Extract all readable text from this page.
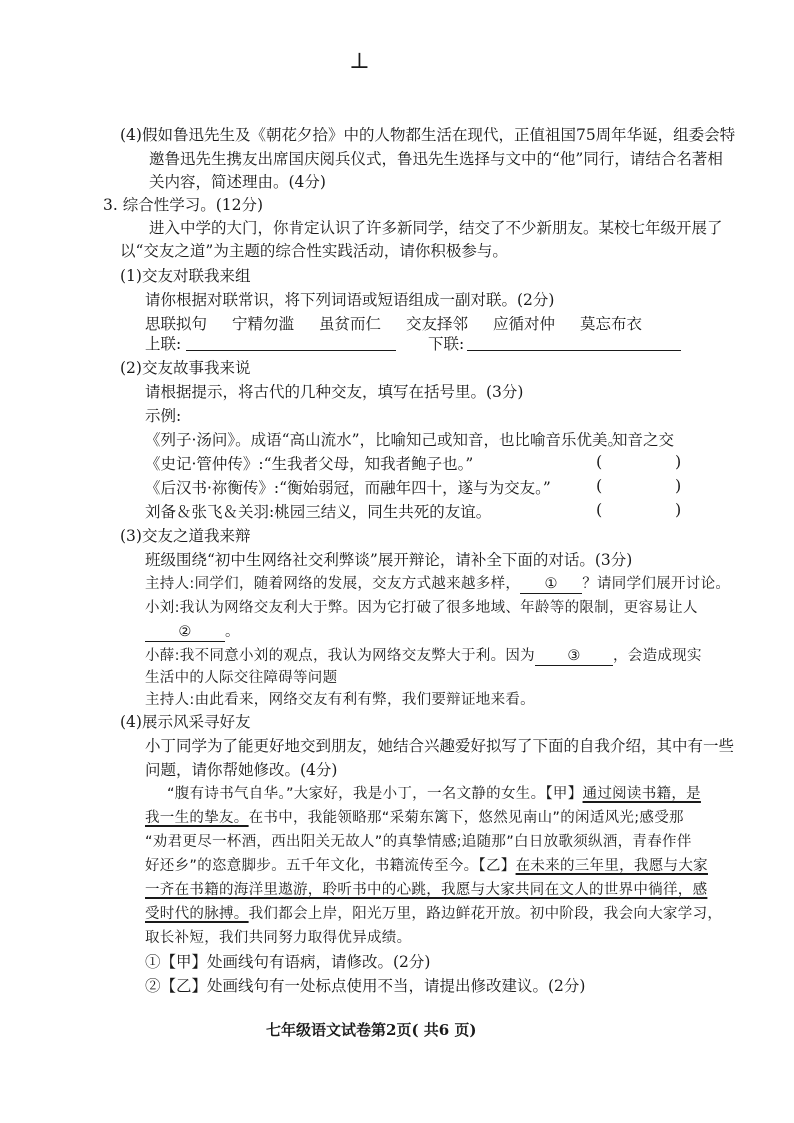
⊥
(4)假如鲁迅先生及《朝花夕拾》中的人物都生活在现代，正值祖国75周年华诞，组委会特
邀鲁迅先生携友出席国庆阅兵仪式，鲁迅先生选择与文中的“他”同行，请结合名著相
关内容，简述理由。(4分)
3. 综合性学习。(12分)
进入中学的大门，你肯定认识了许多新同学，结交了不少新朋友。某校七年级开展了
以“交友之道”为主题的综合性实践活动，请你积极参与。
(1)交友对联我来组
请你根据对联常识，将下列词语或短语组成一副对联。(2分)
思联拟句 宁精勿滥 虽贫而仁 交友择邻 应循对仲 莫忘布衣
上联:	下联:
(2)交友故事我来说
请根据提示，将古代的几种交友，填写在括号里。(3分)
示例:
《列子·汤问》。成语“高山流水”，比喻知己或知音，也比喻音乐优美。
知音之交
《史记·管仲传》:“生我者父母，知我者鲍子也。”	(	)
《后汉书·祢衡传》:“衡始弱冠，而融年四十，遂与为交友。”	(	)
刘备＆张飞＆关羽:桃园三结义，同生共死的友谊。	(	)
(3)交友之道我来辩
班级围绕“初中生网络社交利弊谈”展开辩论，请补全下面的对话。(3分)
主持人:同学们，随着网络的发展，交友方式越来越多样， ① ？请同学们展开讨论。
小刘:我认为网络交友利大于弊。因为它打破了很多地域、年龄等的限制，更容易让人
② 。
小薛:我不同意小刘的观点，我认为网络交友弊大于利。因为 ③ ，会造成现实
生活中的人际交往障碍等问题
主持人:由此看来，网络交友有利有弊，我们要辩证地来看。
(4)展示风采寻好友
小丁同学为了能更好地交到朋友，她结合兴趣爱好拟写了下面的自我介绍，其中有一些
问题，请你帮她修改。(4分)
“腹有诗书气自华。”大家好，我是小丁，一名文静的女生。【甲】通过阅读书籍，是
我一生的挚友。在书中，我能领略那“采菊东篱下，悠然见南山”的闲适风光;感受那
“劝君更尽一杯酒，西出阳关无故人”的真挚情感;追随那”白日放歌须纵酒，青春作伴
好还乡”的恣意脚步。五千年文化，书籍流传至今。【乙】在未来的三年里，我愿与大家
一齐在书籍的海洋里遨游，聆听书中的心跳，我愿与大家共同在文人的世界中徜徉，感
受时代的脉搏。我们都会上岸，阳光万里，路边鲜花开放。初中阶段，我会向大家学习，
取长补短，我们共同努力取得优异成绩。
①【甲】处画线句有语病，请修改。(2分)
②【乙】处画线句有一处标点使用不当，请提出修改建议。(2分)
七年级语文试卷第2页( 共6 页)
